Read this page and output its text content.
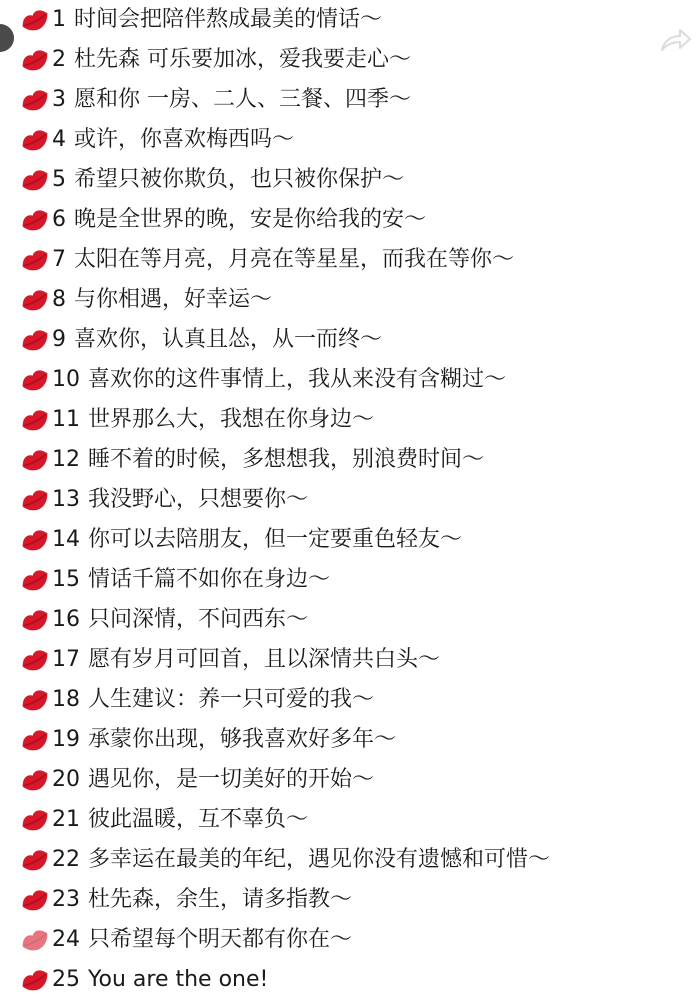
1 时间会把陪伴熬成最美的情话～
2 杜先森 可乐要加冰，爱我要走心～
3 愿和你 一房、二人、三餐、四季～
4 或许，你喜欢梅西吗～
5 希望只被你欺负，也只被你保护～
6 晚是全世界的晚，安是你给我的安～
7 太阳在等月亮，月亮在等星星，而我在等你～
8 与你相遇，好幸运～
9 喜欢你，认真且怂，从一而终～
10 喜欢你的这件事情上，我从来没有含糊过～
11 世界那么大，我想在你身边～
12 睡不着的时候，多想想我，别浪费时间～
13 我没野心，只想要你～
14 你可以去陪朋友，但一定要重色轻友～
15 情话千篇不如你在身边～
16 只问深情，不问西东～
17 愿有岁月可回首，且以深情共白头～
18 人生建议：养一只可爱的我～
19 承蒙你出现，够我喜欢好多年～
20 遇见你，是一切美好的开始～
21 彼此温暖，互不辜负～
22 多幸运在最美的年纪，遇见你没有遗憾和可惜～
23 杜先森，余生，请多指教～
24 只希望每个明天都有你在～
25 You are the one!
